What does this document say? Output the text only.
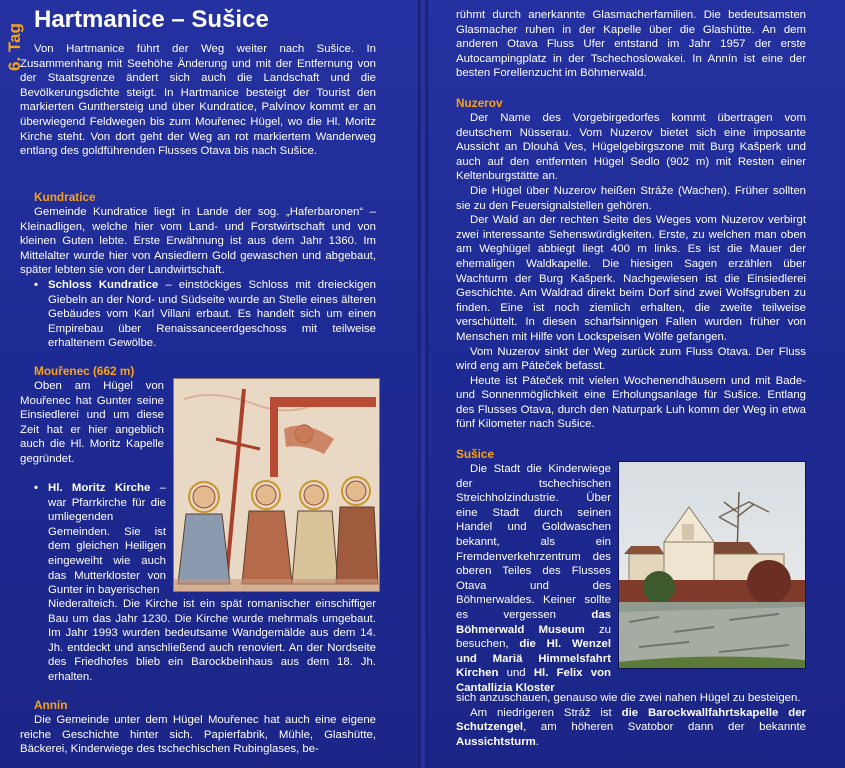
6. Tag
Hartmanice – Sušice

Von Hartmanice führt der Weg weiter nach Sušice. In Zusammenhang mit Seehöhe Änderung und mit der Entfernung von der Staatsgrenze ändert sich auch die Landschaft und die Bevölkerungsdichte steigt. In Hartmanice besteigt der Tourist den markierten Gunthersteig und über Kundratice, Palvínov kommt er an überwiegend Feldwegen bis zum Mouřenec Hügel, wo die Hl. Moritz Kirche steht. Von dort geht der Weg an rot markiertem Wanderweg entlang des goldführenden Flusses Otava bis nach Sušice.

Kundratice

Gemeinde Kundratice liegt in Lande der sog. „Haferbaronen“ – Kleinadligen, welche hier vom Land- und Forstwirtschaft und von kleinen Guten lebte. Erste Erwähnung ist aus dem Jahr 1360. Im Mittelalter wurde hier von Ansiedlern Gold gewaschen und abgebaut, später lebten sie von der Landwirtschaft.

• Schloss Kundratice – einstöckiges Schloss mit dreieckigen Giebeln an der Nord- und Südseite wurde an Stelle eines älteren Gebäudes vom Karl Villani erbaut. Es handelt sich um einen Empirebau über Renaissanceerdgeschoss mit teilweise erhaltenem Gewölbe.
Mouřenec (662 m)

Oben am Hügel von Mouřenec hat Gunter seine Einsiedlerei und um diese Zeit hat er hier angeblich auch die Hl. Moritz Kapelle gegründet.

• Hl. Moritz Kirche – war Pfarrkirche für die umliegenden Gemeinden. Sie ist dem gleichen Heiligen eingeweiht wie auch das Mutterkloster von Gunter in bayerischen

Niederalteich. Die Kirche ist ein spät romanischer einschiffiger Bau um das Jahr 1230. Die Kirche wurde mehrmals umgebaut. Im Jahr 1993 wurden bedeutsame Wandgemälde aus dem 14. Jh. entdeckt und anschließend auch renoviert. An der Nordseite des Friedhofes blieb ein Barockbeinhaus aus dem 18. Jh. erhalten.

Annín

Die Gemeinde unter dem Hügel Mouřenec hat auch eine eigene reiche Geschichte hinter sich. Papierfabrik, Mühle, Glashütte, Bäckerei, Kinderwiege des tschechischen Rubinglases, be-

rühmt durch anerkannte Glasmacherfamilien. Die bedeutsamsten Glasmacher ruhen in der Kapelle über die Glashütte. An dem anderen Otava Fluss Ufer entstand im Jahr 1957 der erste Autocampingplatz in der Tschechoslowakei. In Annín ist eine der besten Forellenzucht im Böhmerwald.

Nuzerov

Der Name des Vorgebirgedorfes kommt übertragen vom deutschem Nüsserau. Vom Nuzerov bietet sich eine imposante Aussicht an Dlouhá Ves, Hügelgebirgszone mit Burg Kašperk und auch auf den entfernten Hügel Sedlo (902 m) mit Resten einer Keltenburgstätte an.

Die Hügel über Nuzerov heißen Stráže (Wachen). Früher sollten sie zu den Feuersignalstellen gehören.

Der Wald an der rechten Seite des Weges vom Nuzerov verbirgt zwei interessante Sehenswürdigkeiten. Erste, zu welchen man oben am Weghügel abbiegt liegt 400 m links. Es ist die Mauer der ehemaligen Waldkapelle. Die hiesigen Sagen erzählen über Wachturm der Burg Kašperk. Nachgewiesen ist die Einsiedlerei Geschichte. Am Waldrad direkt beim Dorf sind zwei Wolfsgruben zu finden. Eine ist noch ziemlich erhalten, die zweite teilweise verschüttelt. In diesen scharfsinnigen Fallen wurden früher von Menschen mit Hilfe von Lockspeisen Wölfe gefangen.

Vom Nuzerov sinkt der Weg zurück zum Fluss Otava. Der Fluss wird eng am Páteček befasst.

Heute ist Páteček mit vielen Wochenendhäusern und mit Bade- und Sonnenmöglichkeit eine Erholungsanlage für Sušice. Entlang des Flusses Otava, durch den Naturpark Luh komm der Weg in etwa fünf Kilometer nach Sušice.

Sušice

Die Stadt die Kinderwiege der tschechischen Streichholzindustrie. Über eine Stadt durch seinen Handel und Goldwaschen bekannt, als ein Fremdenverkehrzentrum des oberen Teiles des Flusses Otava und des Böhmerwaldes. Keiner sollte es vergessen das Böhmerwald Museum zu besuchen, die Hl. Wenzel und Mariä Himmelsfahrt Kirchen und Hl. Felix von Cantallizia Kloster

sich anzuschauen, genauso wie die zwei nahen Hügel zu besteigen.

Am niedrigeren Stráž ist die Barockwallfahrtskapelle der Schutzengel, am höheren Svatobor dann der bekannte Aussichtsturm.
